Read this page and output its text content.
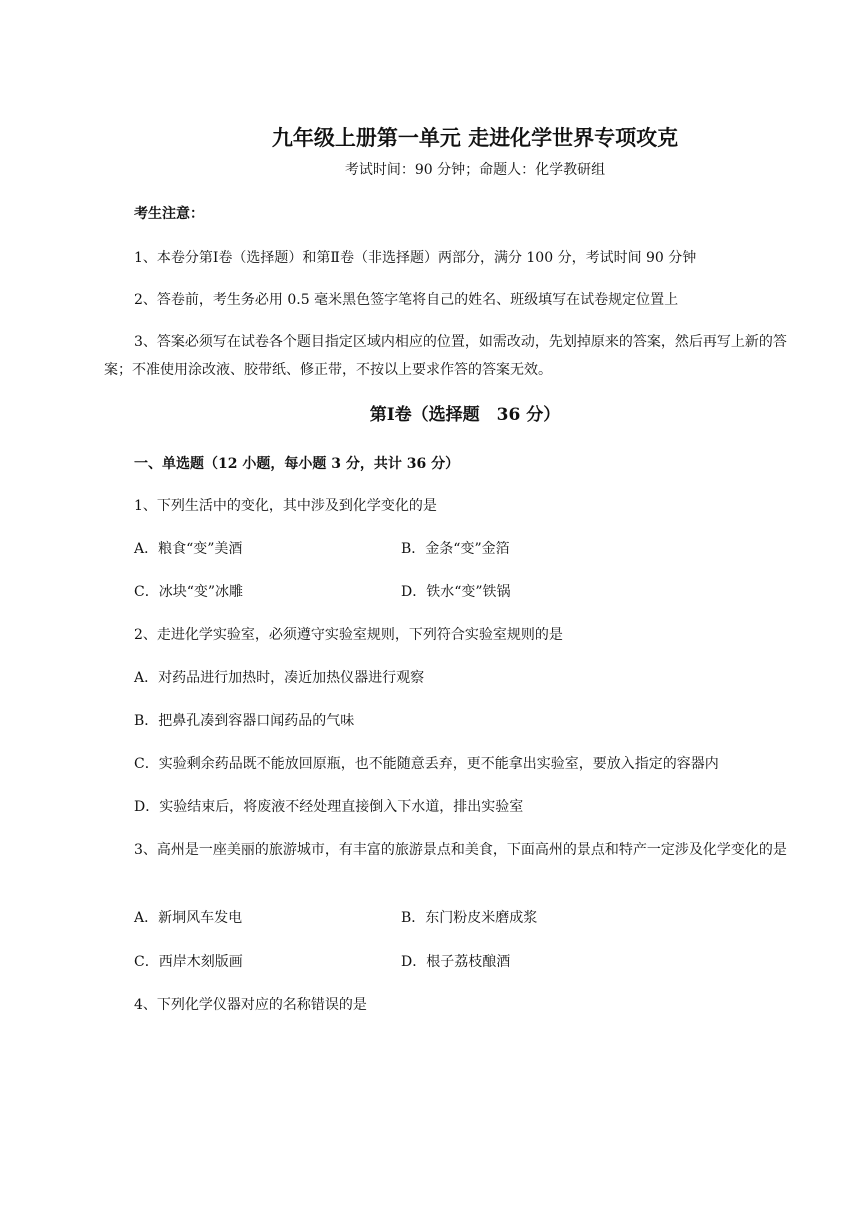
九年级上册第一单元 走进化学世界专项攻克
考试时间：90 分钟；命题人：化学教研组
考生注意：
1、本卷分第Ⅰ卷（选择题）和第Ⅱ卷（非选择题）两部分，满分 100 分，考试时间 90 分钟
2、答卷前，考生务必用 0.5 毫米黑色签字笔将自己的姓名、班级填写在试卷规定位置上
3、答案必须写在试卷各个题目指定区域内相应的位置，如需改动，先划掉原来的答案，然后再写上新的答案；不准使用涂改液、胶带纸、修正带，不按以上要求作答的答案无效。
第Ⅰ卷（选择题　36 分）
一、单选题（12 小题，每小题 3 分，共计 36 分）
1、下列生活中的变化，其中涉及到化学变化的是
A．粮食“变”美酒	B．金条“变”金箔
C．冰块“变”冰雕	D．铁水“变”铁锅
2、走进化学实验室，必须遵守实验室规则，下列符合实验室规则的是
A．对药品进行加热时，凑近加热仪器进行观察
B．把鼻孔凑到容器口闻药品的气味
C．实验剩余药品既不能放回原瓶，也不能随意丢弃，更不能拿出实验室，要放入指定的容器内
D．实验结束后，将废液不经处理直接倒入下水道，排出实验室
3、高州是一座美丽的旅游城市，有丰富的旅游景点和美食，下面高州的景点和特产一定涉及化学变化的是
A．新垌风车发电	B．东门粉皮米磨成浆
C．西岸木刻版画	D．根子荔枝酿酒
4、下列化学仪器对应的名称错误的是
